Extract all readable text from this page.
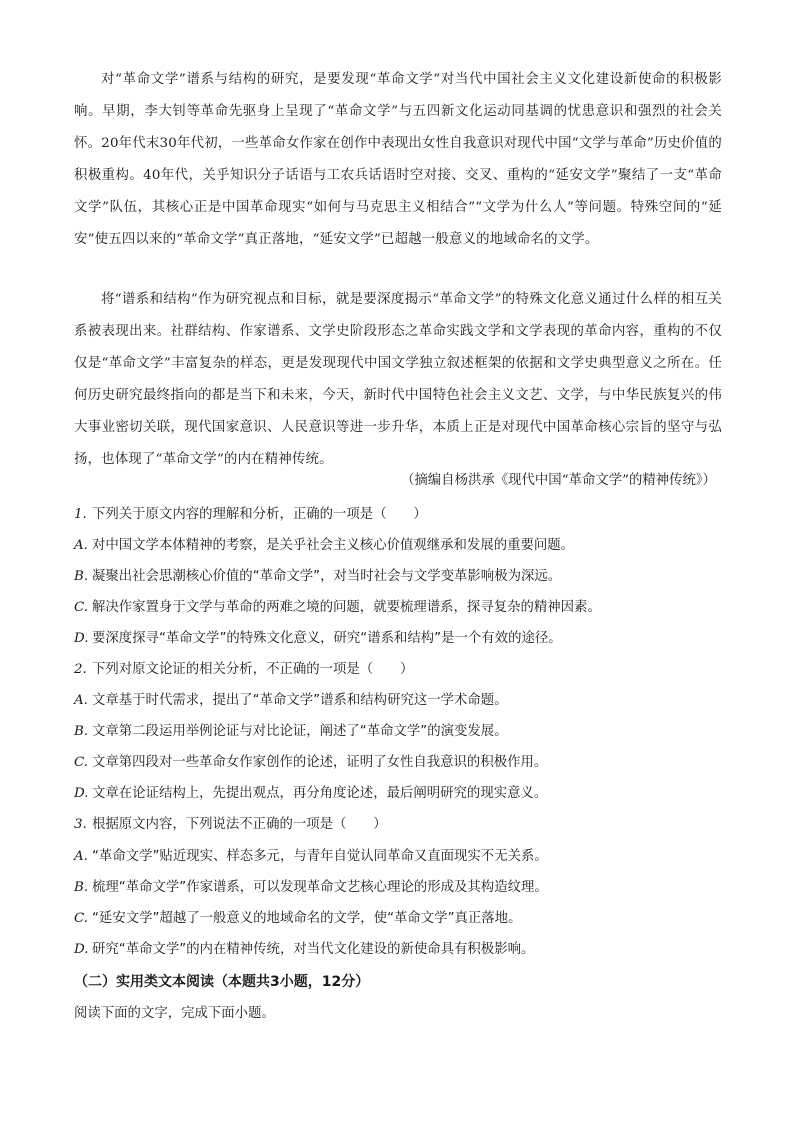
对“革命文学”谱系与结构的研究，是要发现“革命文学”对当代中国社会主义文化建设新使命的积极影响。早期，李大钊等革命先驱身上呈现了“革命文学”与五四新文化运动同基调的忧患意识和强烈的社会关怀。20年代末30年代初，一些革命女作家在创作中表现出女性自我意识对现代中国“文学与革命”历史价值的积极重构。40年代，关乎知识分子话语与工农兵话语时空对接、交叉、重构的“延安文学”聚结了一支“革命文学”队伍，其核心正是中国革命现实“如何与马克思主义相结合”“文学为什么人”等问题。特殊空间的“延安”使五四以来的“革命文学”真正落地，“延安文学”已超越一般意义的地域命名的文学。

将“谱系和结构”作为研究视点和目标，就是要深度揭示“革命文学”的特殊文化意义通过什么样的相互关系被表现出来。社群结构、作家谱系、文学史阶段形态之革命实践文学和文学表现的革命内容，重构的不仅仅是“革命文学”丰富复杂的样态，更是发现现代中国文学独立叙述框架的依据和文学史典型意义之所在。任何历史研究最终指向的都是当下和未来，今天，新时代中国特色社会主义文艺、文学，与中华民族复兴的伟大事业密切关联，现代国家意识、人民意识等进一步升华，本质上正是对现代中国革命核心宗旨的坚守与弘扬，也体现了“革命文学”的内在精神传统。

（摘编自杨洪承《现代中国“革命文学”的精神传统》）
1. 下列关于原文内容的理解和分析，正确的一项是（　　）
A. 对中国文学本体精神的考察，是关乎社会主义核心价值观继承和发展的重要问题。
B. 凝聚出社会思潮核心价值的“革命文学”，对当时社会与文学变革影响极为深远。
C. 解决作家置身于文学与革命的两难之境的问题，就要梳理谱系，探寻复杂的精神因素。
D. 要深度探寻“革命文学”的特殊文化意义，研究“谱系和结构”是一个有效的途径。
2. 下列对原文论证的相关分析，不正确的一项是（　　）
A. 文章基于时代需求，提出了“革命文学”谱系和结构研究这一学术命题。
B. 文章第二段运用举例论证与对比论证，阐述了“革命文学”的演变发展。
C. 文章第四段对一些革命女作家创作的论述，证明了女性自我意识的积极作用。
D. 文章在论证结构上，先提出观点，再分角度论述，最后阐明研究的现实意义。
3. 根据原文内容，下列说法不正确的一项是（　　）
A. “革命文学”贴近现实、样态多元，与青年自觉认同革命又直面现实不无关系。
B. 梳理“革命文学”作家谱系，可以发现革命文艺核心理论的形成及其构造纹理。
C. “延安文学”超越了一般意义的地域命名的文学，使“革命文学”真正落地。
D. 研究“革命文学”的内在精神传统，对当代文化建设的新使命具有积极影响。
（二）实用类文本阅读（本题共3小题，12分）
阅读下面的文字，完成下面小题。
